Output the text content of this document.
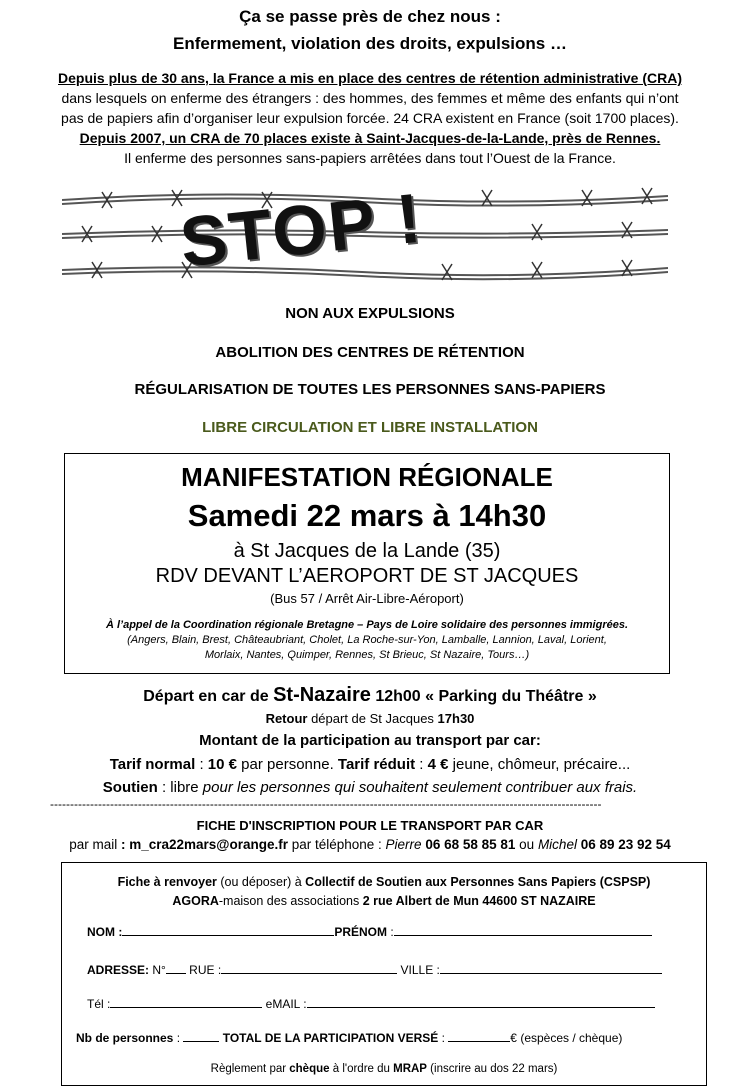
Ça se passe près de chez nous :
Enfermement, violation des droits, expulsions …
Depuis plus de 30 ans, la France a mis en place des centres de rétention administrative (CRA)
dans lesquels on enferme des étrangers : des hommes, des femmes et même des enfants qui n’ont
pas de papiers afin d’organiser leur expulsion forcée. 24 CRA existent en France (soit 1700 places).
Depuis 2007, un CRA de 70 places existe à Saint-Jacques-de-la-Lande, près de Rennes.
Il enferme des personnes sans-papiers arrêtées dans tout l’Ouest de la France.
STOP !
NON AUX EXPULSIONS
ABOLITION DES CENTRES DE RÉTENTION
RÉGULARISATION DE TOUTES LES PERSONNES SANS-PAPIERS
LIBRE CIRCULATION ET LIBRE INSTALLATION
MANIFESTATION RÉGIONALE
Samedi 22 mars à 14h30
à St Jacques de la Lande (35)
RDV DEVANT L’AEROPORT DE ST JACQUES
(Bus 57 / Arrêt Air-Libre-Aéroport)
À l’appel de la Coordination régionale Bretagne – Pays de Loire solidaire des personnes immigrées.
(Angers, Blain, Brest, Châteaubriant, Cholet, La Roche-sur-Yon, Lamballe, Lannion, Laval, Lorient,
Morlaix, Nantes, Quimper, Rennes, St Brieuc, St Nazaire, Tours…)
Départ en car de St-Nazaire 12h00 « Parking du Théâtre »
Retour départ de St Jacques 17h30
Montant de la participation au transport par car:
Tarif normal : 10 € par personne. Tarif réduit : 4 € jeune, chômeur, précaire...
Soutien : libre pour les personnes qui souhaitent seulement contribuer aux frais.
------------------------------------------------------------------------------------------------------------------------------------------
FICHE D'INSCRIPTION POUR LE TRANSPORT PAR CAR
par mail : m_cra22mars@orange.fr par téléphone : Pierre 06 68 58 85 81 ou Michel 06 89 23 92 54
Fiche à renvoyer (ou déposer) à Collectif de Soutien aux Personnes Sans Papiers (CSPSP)
AGORA-maison des associations 2 rue Albert de Mun 44600 ST NAZAIRE
NOM :	PRÉNOM :
ADRESSE: N° RUE :	VILLE :
Tél :	eMAIL :
Nb de personnes :	TOTAL DE LA PARTICIPATION VERSÉ :	€ (espèces / chèque)
Règlement par chèque à l'ordre du MRAP (inscrire au dos 22 mars)
